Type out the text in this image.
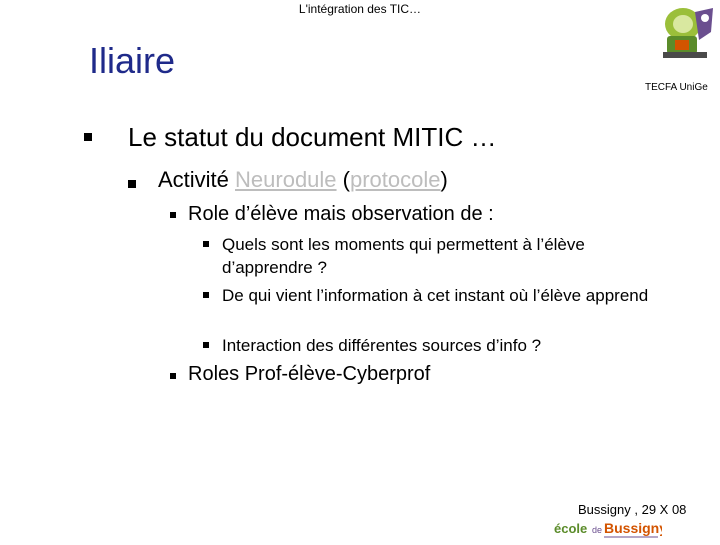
L'intégration des TIC…
Iliaire
TECFA UniGe
Le statut du document MITIC …
Activité Neurodule (protocole)
Role d’élève mais observation de :
Quels sont les moments qui permettent à l’élève d’apprendre ?
De qui vient l’information à cet instant où l’élève apprend
Interaction des différentes sources d’info ?
Roles Prof-élève-Cyberprof
Bussigny , 29 X 08
école de Bussigny
